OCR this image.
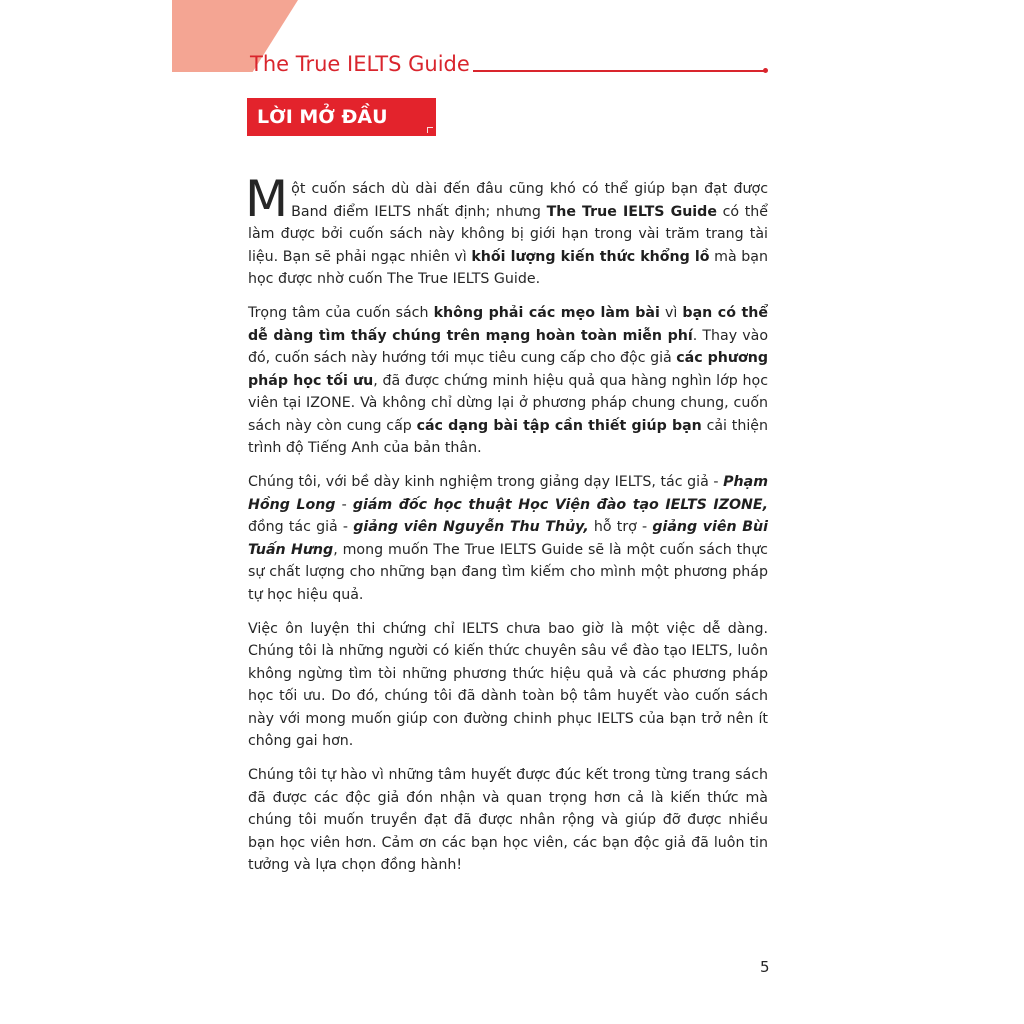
The True IELTS Guide
LỜI MỞ ĐẦU

Một cuốn sách dù dài đến đâu cũng khó có thể giúp bạn đạt được Band điểm IELTS nhất định; nhưng The True IELTS Guide có thể làm được bởi cuốn sách này không bị giới hạn trong vài trăm trang tài liệu. Bạn sẽ phải ngạc nhiên vì khối lượng kiến thức khổng lồ mà bạn học được nhờ cuốn The True IELTS Guide.

Trọng tâm của cuốn sách không phải các mẹo làm bài vì bạn có thể dễ dàng tìm thấy chúng trên mạng hoàn toàn miễn phí. Thay vào đó, cuốn sách này hướng tới mục tiêu cung cấp cho độc giả các phương pháp học tối ưu, đã được chứng minh hiệu quả qua hàng nghìn lớp học viên tại IZONE. Và không chỉ dừng lại ở phương pháp chung chung, cuốn sách này còn cung cấp các dạng bài tập cần thiết giúp bạn cải thiện trình độ Tiếng Anh của bản thân.

Chúng tôi, với bề dày kinh nghiệm trong giảng dạy IELTS, tác giả - Phạm Hồng Long - giám đốc học thuật Học Viện đào tạo IELTS IZONE, đồng tác giả - giảng viên Nguyễn Thu Thủy, hỗ trợ - giảng viên Bùi Tuấn Hưng, mong muốn The True IELTS Guide sẽ là một cuốn sách thực sự chất lượng cho những bạn đang tìm kiếm cho mình một phương pháp tự học hiệu quả.

Việc ôn luyện thi chứng chỉ IELTS chưa bao giờ là một việc dễ dàng. Chúng tôi là những người có kiến thức chuyên sâu về đào tạo IELTS, luôn không ngừng tìm tòi những phương thức hiệu quả và các phương pháp học tối ưu. Do đó, chúng tôi đã dành toàn bộ tâm huyết vào cuốn sách này với mong muốn giúp con đường chinh phục IELTS của bạn trở nên ít chông gai hơn.

Chúng tôi tự hào vì những tâm huyết được đúc kết trong từng trang sách đã được các độc giả đón nhận và quan trọng hơn cả là kiến thức mà chúng tôi muốn truyền đạt đã được nhân rộng và giúp đỡ được nhiều bạn học viên hơn. Cảm ơn các bạn học viên, các bạn độc giả đã luôn tin tưởng và lựa chọn đồng hành!

5
